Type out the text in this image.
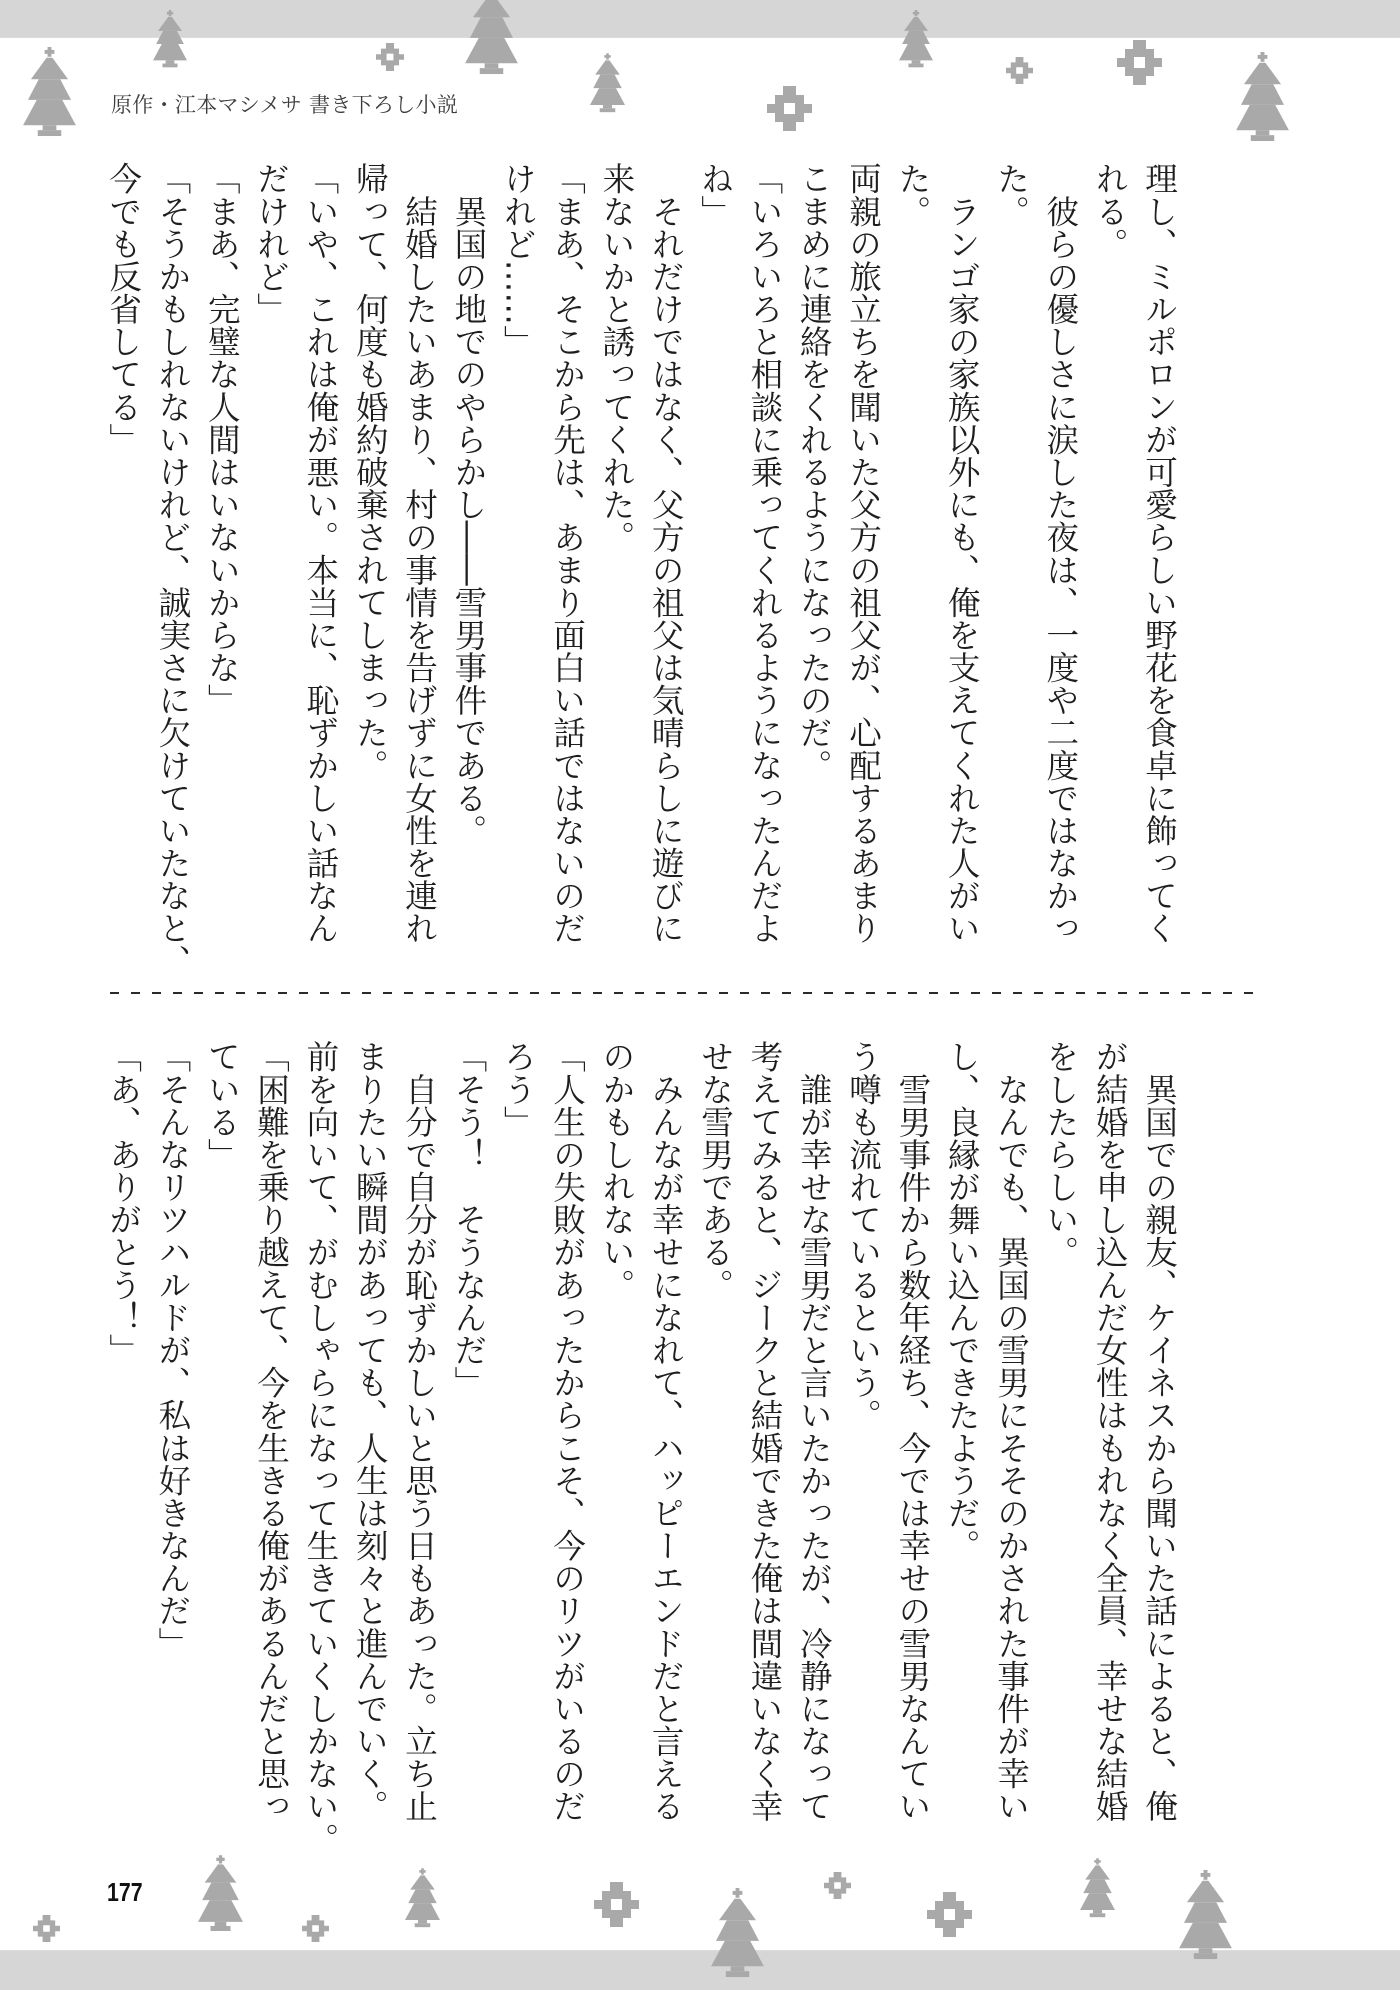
原作・江本マシメサ 書き下ろし小説
理し、ミルポロンが可愛らしい野花を食卓に飾ってく
れる。
　彼らの優しさに涙した夜は、一度や二度ではなかっ
た。
　ランゴ家の家族以外にも、俺を支えてくれた人がい
た。
両親の旅立ちを聞いた父方の祖父が、心配するあまり
こまめに連絡をくれるようになったのだ。
「いろいろと相談に乗ってくれるようになったんだよ
ね」
　それだけではなく、父方の祖父は気晴らしに遊びに
来ないかと誘ってくれた。
「まあ、そこから先は、あまり面白い話ではないのだ
けれど……」
　異国の地でのやらかし――雪男事件である。
　結婚したいあまり、村の事情を告げずに女性を連れ
帰って、何度も婚約破棄されてしまった。
「いや、これは俺が悪い。本当に、恥ずかしい話なん
だけれど」
「まあ、完璧な人間はいないからな」
「そうかもしれないけれど、誠実さに欠けていたなと、
今でも反省してる」
　異国での親友、ケイネスから聞いた話によると、俺
が結婚を申し込んだ女性はもれなく全員、幸せな結婚
をしたらしい。
　なんでも、異国の雪男にそそのかされた事件が幸い
し、良縁が舞い込んできたようだ。
　雪男事件から数年経ち、今では幸せの雪男なんてい
う噂も流れているという。
　誰が幸せな雪男だと言いたかったが、冷静になって
考えてみると、ジークと結婚できた俺は間違いなく幸
せな雪男である。
　みんなが幸せになれて、ハッピーエンドだと言える
のかもしれない。
「人生の失敗があったからこそ、今のリツがいるのだ
ろう」
「そう！　そうなんだ」
　自分で自分が恥ずかしいと思う日もあった。立ち止
まりたい瞬間があっても、人生は刻々と進んでいく。
前を向いて、がむしゃらになって生きていくしかない。
「困難を乗り越えて、今を生きる俺があるんだと思っ
ている」
「そんなリツハルドが、私は好きなんだ」
「あ、ありがとう！」
177
